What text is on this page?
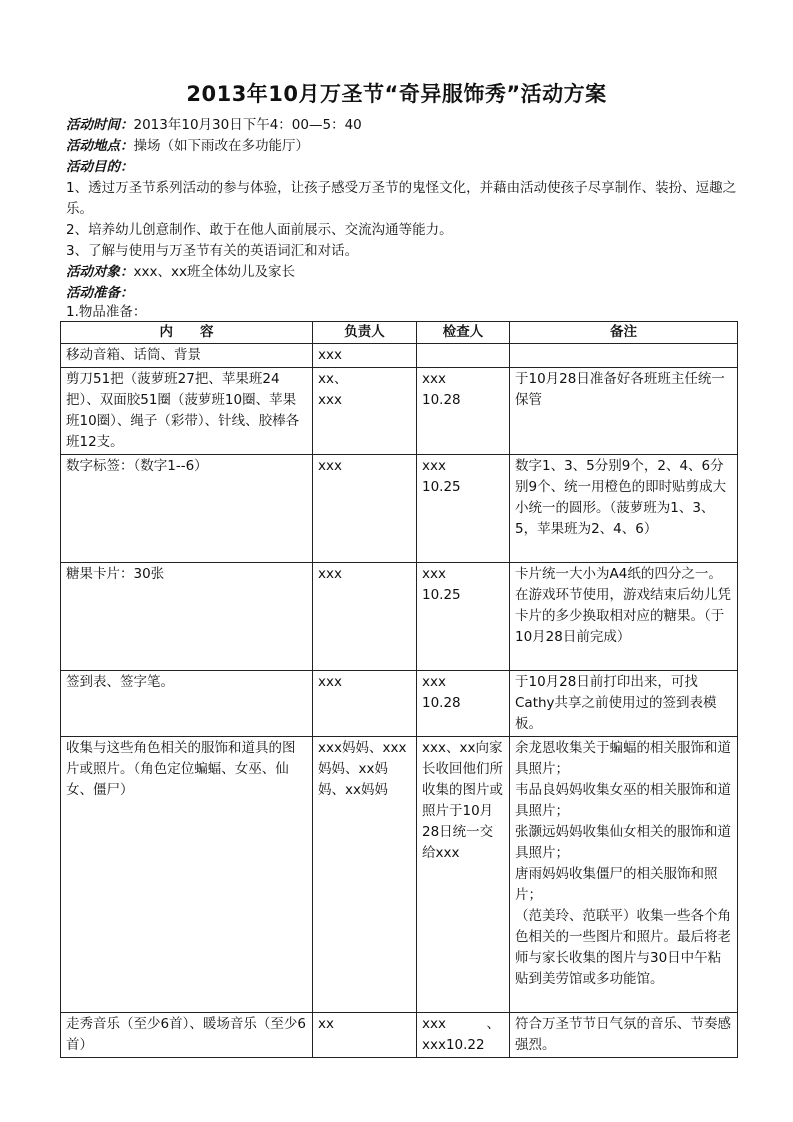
2013年10月万圣节“奇异服饰秀”活动方案
活动时间：2013年10月30日下午4：00—5：40
活动地点：操场（如下雨改在多功能厅）
活动目的：
1、透过万圣节系列活动的参与体验，让孩子感受万圣节的鬼怪文化，并藉由活动使孩子尽享制作、装扮、逗趣之乐。
2、培养幼儿创意制作、敢于在他人面前展示、交流沟通等能力。
3、了解与使用与万圣节有关的英语词汇和对话。
活动对象：xxx、xx班全体幼儿及家长
活动准备：
1.物品准备：
内　　容	负责人	检查人	备注

移动音箱、话筒、背景	xxx		

剪刀51把（菠萝班27把、苹果班24把）、双面胶51圈（菠萝班10圈、苹果班10圈）、绳子（彩带）、针线、胶棒各班12支。	xx、
xxx	xxx
10.28	于10月28日准备好各班班主任统一保管

数字标签：（数字1--6）	xxx	xxx
10.25	数字1、3、5分别9个，2、4、6分别9个、统一用橙色的即时贴剪成大小统一的圆形。（菠萝班为1、3、5，苹果班为2、4、6）

糖果卡片：30张	xxx	xxx
10.25	卡片统一大小为A4纸的四分之一。在游戏环节使用，游戏结束后幼儿凭卡片的多少换取相对应的糖果。（于10月28日前完成）

签到表、签字笔。	xxx	xxx
10.28	于10月28日前打印出来，可找Cathy共享之前使用过的签到表模板。

收集与这些角色相关的服饰和道具的图片或照片。（角色定位蝙蝠、女巫、仙女、僵尸）	xxx妈妈、xxx妈妈、xx妈妈、xx妈妈	xxx、xx向家长收回他们所收集的图片或照片于10月28日统一交给xxx	余龙恩收集关于蝙蝠的相关服饰和道具照片；
韦品良妈妈收集女巫的相关服饰和道具照片；
张灏远妈妈收集仙女相关的服饰和道具照片；
唐雨妈妈收集僵尸的相关服饰和照片；
（范美玲、范联平）收集一些各个角色相关的一些图片和照片。最后将老师与家长收集的图片与30日中午粘贴到美劳馆或多功能馆。

走秀音乐（至少6首）、暖场音乐（至少6首）	xx	xxx　　　、
xxx10.22	符合万圣节节日气氛的音乐、节奏感强烈。
